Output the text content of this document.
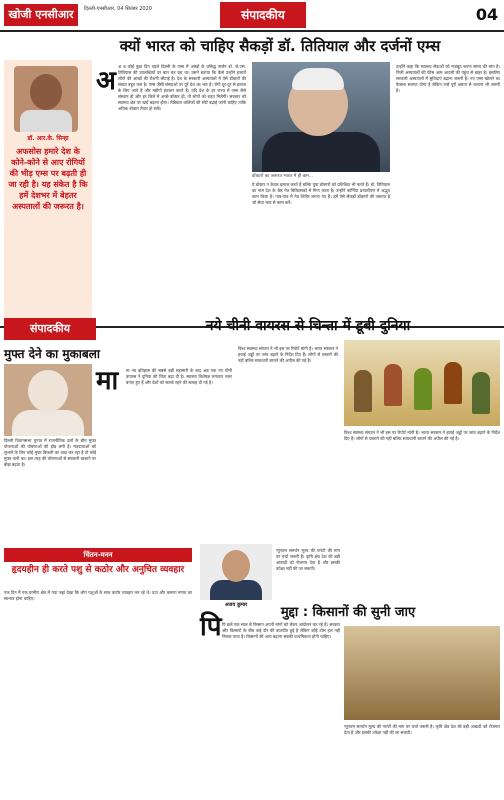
खोजी एनसीआर	दिल्ली-एनसीआर, 04 सितंबर 2020	संपादकीय	04
क्यों भारत को चाहिए सैकड़ों डॉ. तितियाल और दर्जनों एम्स
डॉ. आर.के. सिन्हा
अफसोस हमारे देश के कोने-कोने से आए रोगियों की भीड़ एम्स पर बढ़ती ही जा रही है। यह संकेत है कि हमें देशभर में बेहतर अस्पतालों की जरूरत है।
अ अ ब कोई कुछ दिन पहले दिल्ली के एम्स में आंखों के प्रसिद्ध सर्जन डॉ. जे.एस. तितियाल की उपलब्धियों पर बात कर रहा था। उसने बताया कि कैसे उन्होंने हजारों लोगों की आंखों की रोशनी लौटाई है। देश के सरकारी अस्पतालों में ऐसे डॉक्टरों की संख्या बहुत कम है। एम्स जैसी संस्थाओं पर पूरे देश का भार है। रोगी दूर-दूर से इलाज के लिए आते हैं और महीनों इंतजार करते हैं। यदि देश के हर राज्य में एम्स जैसे संस्थान हों और हर जिले में अच्छे डॉक्टर हों, तो लोगों को राहत मिलेगी। सरकार को स्वास्थ्य क्षेत्र पर खर्च बढ़ाना होगा। मेडिकल कॉलेजों की सीटें बढ़ाई जानी चाहिए ताकि अधिक डॉक्टर तैयार हो सकें।
डॉक्टरों का जरूरत भारत में ही कम...
ये डॉक्टर न केवल इलाज करते हैं बल्कि युवा डॉक्टरों को प्रशिक्षित भी करते हैं। डॉ. तितियाल का नाम देश के श्रेष्ठ नेत्र चिकित्सकों में गिना जाता है। उन्होंने कॉर्निया प्रत्यारोपण में अद्भुत काम किया है। गांव-गांव में नेत्र शिविर लगाए गए हैं। हमें ऐसे सैकड़ों डॉक्टरों की जरूरत है जो सेवा भाव से काम करें।
उन्होंने कहा कि स्वास्थ्य सेवाओं को मजबूत करना समय की मांग है। निजी अस्पतालों की फीस आम आदमी की पहुंच से बाहर है। इसलिए सरकारी अस्पतालों में सुविधाएं बढ़ाना जरूरी है। नए एम्स खोलने का फैसला स्वागत योग्य है लेकिन उन्हें पूरी क्षमता से चलाना भी जरूरी है।
संपादकीय	नये चीनी वायरस से चिन्ता में डूबी दुनिया
मुफ्त देने का मुकाबला
दिल्ली विधानसभा चुनाव में राजनीतिक दलों के बीच मुफ्त योजनाओं की घोषणाओं की होड़ लगी है। मतदाताओं को लुभाने के लिए कोई मुफ्त बिजली का वादा कर रहा है तो कोई मुफ्त पानी का। इस तरह की घोषणाओं से सरकारी खजाने पर बोझ बढ़ता है।
मा मा नव इतिहास की सबसे बड़ी महामारी के बाद अब एक नए चीनी वायरस ने दुनिया की चिंता बढ़ा दी है। स्वास्थ्य विशेषज्ञ लगातार नजर बनाए हुए हैं और देशों को सतर्क रहने की सलाह दी गई है।
विश्व स्वास्थ्य संगठन ने भी इस पर रिपोर्ट मांगी है। भारत सरकार ने हवाई अड्डों पर जांच बढ़ाने के निर्देश दिए हैं। लोगों से घबराने की नहीं बल्कि सावधानी बरतने की अपील की गई है।
विश्व स्वास्थ्य संगठन ने भी इस पर रिपोर्ट मांगी है। भारत सरकार ने हवाई अड्डों पर जांच बढ़ाने के निर्देश दिए हैं। लोगों से घबराने की नहीं बल्कि सावधानी बरतने की अपील की गई है।
चिंतन-मनन
हृदयहीन ही करते पशु से कठोर और अनुचित व्यवहार
एक दिन मैं एक ग्रामीण क्षेत्र में गया जहां देखा कि लोग पशुओं के साथ कठोर व्यवहार कर रहे थे। दया और करुणा मानव का स्वभाव होना चाहिए।
मुद्दा : किसानों की सुनी जाए
अजय कुमार
पि पि छले एक साल से किसान अपनी मांगों को लेकर आंदोलन कर रहे हैं। सरकार और किसानों के बीच कई दौर की बातचीत हुई है लेकिन कोई ठोस हल नहीं निकल पाया है। किसानों की आय बढ़ाना सबकी प्राथमिकता होनी चाहिए।
न्यूनतम समर्थन मूल्य की गारंटी की मांग पर चर्चा जरूरी है। कृषि क्षेत्र देश की बड़ी आबादी को रोजगार देता है और इसकी उपेक्षा नहीं की जा सकती।
न्यूनतम समर्थन मूल्य की गारंटी की मांग पर चर्चा जरूरी है। कृषि क्षेत्र देश की बड़ी आबादी को रोजगार देता है और इसकी उपेक्षा नहीं की जा सकती।
